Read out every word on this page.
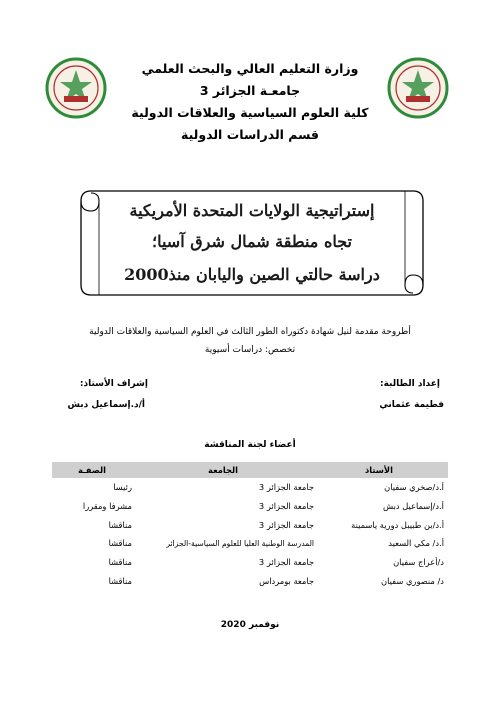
وزارة التعليم العالي والبحث العلمي
جامعـة الجزائر 3
كلية العلوم السياسية والعلاقات الدولية
قسم الدراسات الدولية
إستراتيجية الولايات المتحدة الأمريكية
تجاه منطقة شمال شرق آسيا؛
دراسة حالتي الصين واليابان منذ2000
أطروحة مقدمة لنيل شهادة دكتوراه الطور الثالث في العلوم السياسية والعلاقات الدولية
تخصص: دراسات أسيوية
إعداد الطالبة:
فطيمة عثماني
إشراف الأستاذ:
أ/د.إسماعيل دبش
أعضاء لجنة المناقشة
الأستاذ
الجامعة
الصفـة
أ.د/صخري سفيان
جامعة الجزائر 3
رئيسا
أ.د/إسماعيل دبش
جامعة الجزائر 3
مشرفا ومقررا
أ.د/بن طبيبل دورية ياسمينة
جامعة الجزائر 3
مناقشا
أ.د/ مكي السعيد
المدرسة الوطنية العليا للعلوم السياسية-الجزائر
مناقشا
د/أعراج سفيان
جامعة الجزائر 3
مناقشا
د/ منصوري سفيان
جامعة بومرداس
مناقشا
نوفمبر 2020
